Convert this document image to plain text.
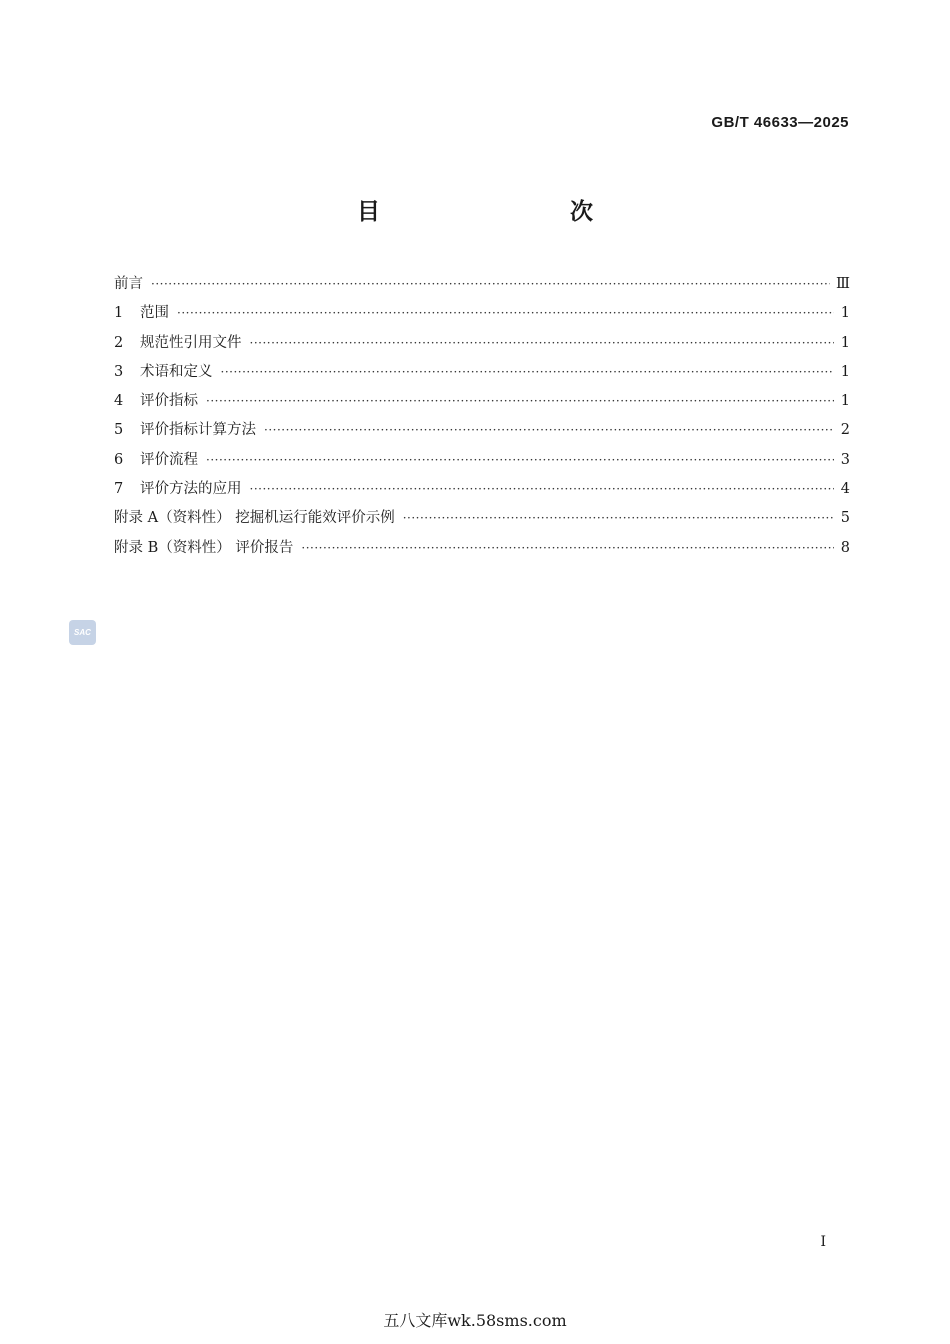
GB/T 46633—2025
目　　次
前言 ·····	Ⅲ
1	范围 ·····	1
2	规范性引用文件 ·····	1
3	术语和定义 ·····	1
4	评价指标 ·····	1
5	评价指标计算方法 ·····	2
6	评价流程 ·····	3
7	评价方法的应用 ·····	4
附录 A（资料性） 挖掘机运行能效评价示例 ·····	5
附录 B（资料性） 评价报告 ·····	8
SAC
I
五八文库wk.58sms.com
